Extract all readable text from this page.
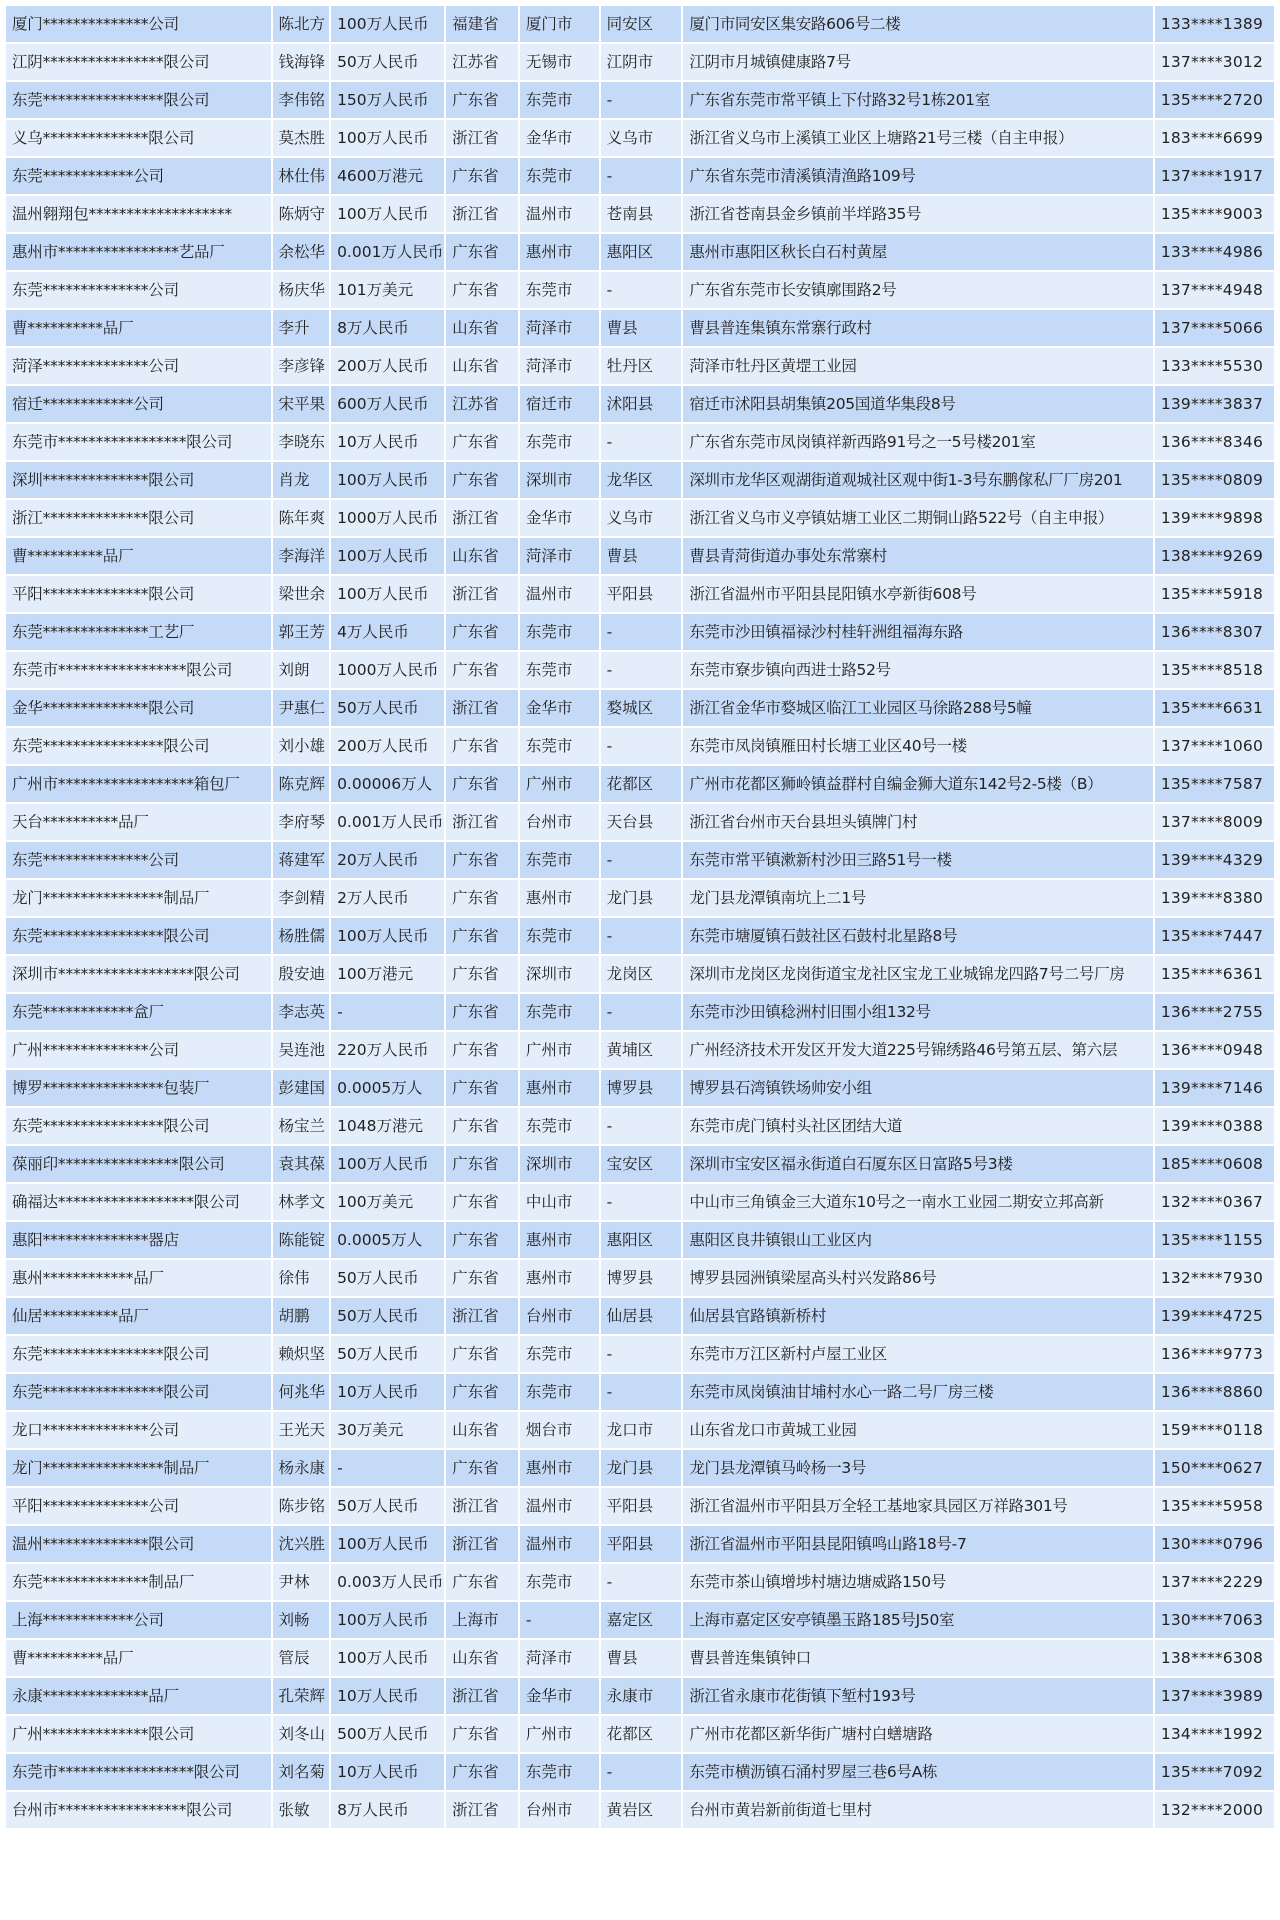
厦门**************公司	陈北方	100万人民币	福建省	厦门市	同安区	厦门市同安区集安路606号二楼	133****1389
江阴****************限公司	钱海锋	50万人民币	江苏省	无锡市	江阴市	江阴市月城镇健康路7号	137****3012
东莞****************限公司	李伟铭	150万人民币	广东省	东莞市	-	广东省东莞市常平镇上下付路32号1栋201室	135****2720
义乌**************限公司	莫杰胜	100万人民币	浙江省	金华市	义乌市	浙江省义乌市上溪镇工业区上塘路21号三楼（自主申报）	183****6699
东莞************公司	林仕伟	4600万港元	广东省	东莞市	-	广东省东莞市清溪镇清渔路109号	137****1917
温州翱翔包*******************	陈炳守	100万人民币	浙江省	温州市	苍南县	浙江省苍南县金乡镇前半垟路35号	135****9003
惠州市****************艺品厂	余松华	0.001万人民币	广东省	惠州市	惠阳区	惠州市惠阳区秋长白石村黄屋	133****4986
东莞**************公司	杨庆华	101万美元	广东省	东莞市	-	广东省东莞市长安镇廓围路2号	137****4948
曹**********品厂	李升	8万人民币	山东省	菏泽市	曹县	曹县普连集镇东常寨行政村	137****5066
菏泽**************公司	李彦锋	200万人民币	山东省	菏泽市	牡丹区	菏泽市牡丹区黄堽工业园	133****5530
宿迁************公司	宋平果	600万人民币	江苏省	宿迁市	沭阳县	宿迁市沭阳县胡集镇205国道华集段8号	139****3837
东莞市*****************限公司	李晓东	10万人民币	广东省	东莞市	-	广东省东莞市凤岗镇祥新西路91号之一5号楼201室	136****8346
深圳**************限公司	肖龙	100万人民币	广东省	深圳市	龙华区	深圳市龙华区观湖街道观城社区观中街1-3号东鹏傢私厂厂房201	135****0809
浙江**************限公司	陈年爽	1000万人民币	浙江省	金华市	义乌市	浙江省义乌市义亭镇姑塘工业区二期铜山路522号（自主申报）	139****9898
曹**********品厂	李海洋	100万人民币	山东省	菏泽市	曹县	曹县青菏街道办事处东常寨村	138****9269
平阳**************限公司	梁世余	100万人民币	浙江省	温州市	平阳县	浙江省温州市平阳县昆阳镇水亭新街608号	135****5918
东莞**************工艺厂	郭王芳	4万人民币	广东省	东莞市	-	东莞市沙田镇福禄沙村桂轩洲组福海东路	136****8307
东莞市*****************限公司	刘朗	1000万人民币	广东省	东莞市	-	东莞市寮步镇向西进士路52号	135****8518
金华**************限公司	尹惠仁	50万人民币	浙江省	金华市	婺城区	浙江省金华市婺城区临江工业园区马徐路288号5幢	135****6631
东莞****************限公司	刘小雄	200万人民币	广东省	东莞市	-	东莞市凤岗镇雁田村长塘工业区40号一楼	137****1060
广州市******************箱包厂	陈克辉	0.00006万人	广东省	广州市	花都区	广州市花都区狮岭镇益群村自编金狮大道东142号2-5楼（B）	135****7587
天台**********品厂	李府琴	0.001万人民币	浙江省	台州市	天台县	浙江省台州市天台县坦头镇牌门村	137****8009
东莞**************公司	蒋建军	20万人民币	广东省	东莞市	-	东莞市常平镇漱新村沙田三路51号一楼	139****4329
龙门****************制品厂	李剑精	2万人民币	广东省	惠州市	龙门县	龙门县龙潭镇南坑上二1号	139****8380
东莞****************限公司	杨胜儒	100万人民币	广东省	东莞市	-	东莞市塘厦镇石鼓社区石鼓村北星路8号	135****7447
深圳市******************限公司	殷安迪	100万港元	广东省	深圳市	龙岗区	深圳市龙岗区龙岗街道宝龙社区宝龙工业城锦龙四路7号二号厂房	135****6361
东莞************盒厂	李志英	-	广东省	东莞市	-	东莞市沙田镇稔洲村旧围小组132号	136****2755
广州**************公司	吴连池	220万人民币	广东省	广州市	黄埔区	广州经济技术开发区开发大道225号锦绣路46号第五层、第六层	136****0948
博罗****************包装厂	彭建国	0.0005万人	广东省	惠州市	博罗县	博罗县石湾镇铁场帅安小组	139****7146
东莞****************限公司	杨宝兰	1048万港元	广东省	东莞市	-	东莞市虎门镇村头社区团结大道	139****0388
葆丽印****************限公司	袁其葆	100万人民币	广东省	深圳市	宝安区	深圳市宝安区福永街道白石厦东区日富路5号3楼	185****0608
确福达******************限公司	林孝文	100万美元	广东省	中山市	-	中山市三角镇金三大道东10号之一南水工业园二期安立邦高新	132****0367
惠阳**************器店	陈能锭	0.0005万人	广东省	惠州市	惠阳区	惠阳区良井镇银山工业区内	135****1155
惠州************品厂	徐伟	50万人民币	广东省	惠州市	博罗县	博罗县园洲镇梁屋高头村兴发路86号	132****7930
仙居**********品厂	胡鹏	50万人民币	浙江省	台州市	仙居县	仙居县官路镇新桥村	139****4725
东莞****************限公司	赖炽坚	50万人民币	广东省	东莞市	-	东莞市万江区新村卢屋工业区	136****9773
东莞****************限公司	何兆华	10万人民币	广东省	东莞市	-	东莞市凤岗镇油甘埔村水心一路二号厂房三楼	136****8860
龙口**************公司	王光天	30万美元	山东省	烟台市	龙口市	山东省龙口市黄城工业园	159****0118
龙门****************制品厂	杨永康	-	广东省	惠州市	龙门县	龙门县龙潭镇马岭杨一3号	150****0627
平阳**************公司	陈步铭	50万人民币	浙江省	温州市	平阳县	浙江省温州市平阳县万全轻工基地家具园区万祥路301号	135****5958
温州**************限公司	沈兴胜	100万人民币	浙江省	温州市	平阳县	浙江省温州市平阳县昆阳镇鸣山路18号-7	130****0796
东莞**************制品厂	尹林	0.003万人民币	广东省	东莞市	-	东莞市茶山镇增埗村塘边塘威路150号	137****2229
上海************公司	刘畅	100万人民币	上海市	-	嘉定区	上海市嘉定区安亭镇墨玉路185号J50室	130****7063
曹**********品厂	管辰	100万人民币	山东省	菏泽市	曹县	曹县普连集镇钟口	138****6308
永康**************品厂	孔荣辉	10万人民币	浙江省	金华市	永康市	浙江省永康市花街镇下堑村193号	137****3989
广州**************限公司	刘冬山	500万人民币	广东省	广州市	花都区	广州市花都区新华街广塘村白蟮塘路	134****1992
东莞市******************限公司	刘名菊	10万人民币	广东省	东莞市	-	东莞市横沥镇石涌村罗屋三巷6号A栋	135****7092
台州市*****************限公司	张敏	8万人民币	浙江省	台州市	黄岩区	台州市黄岩新前街道七里村	132****2000
